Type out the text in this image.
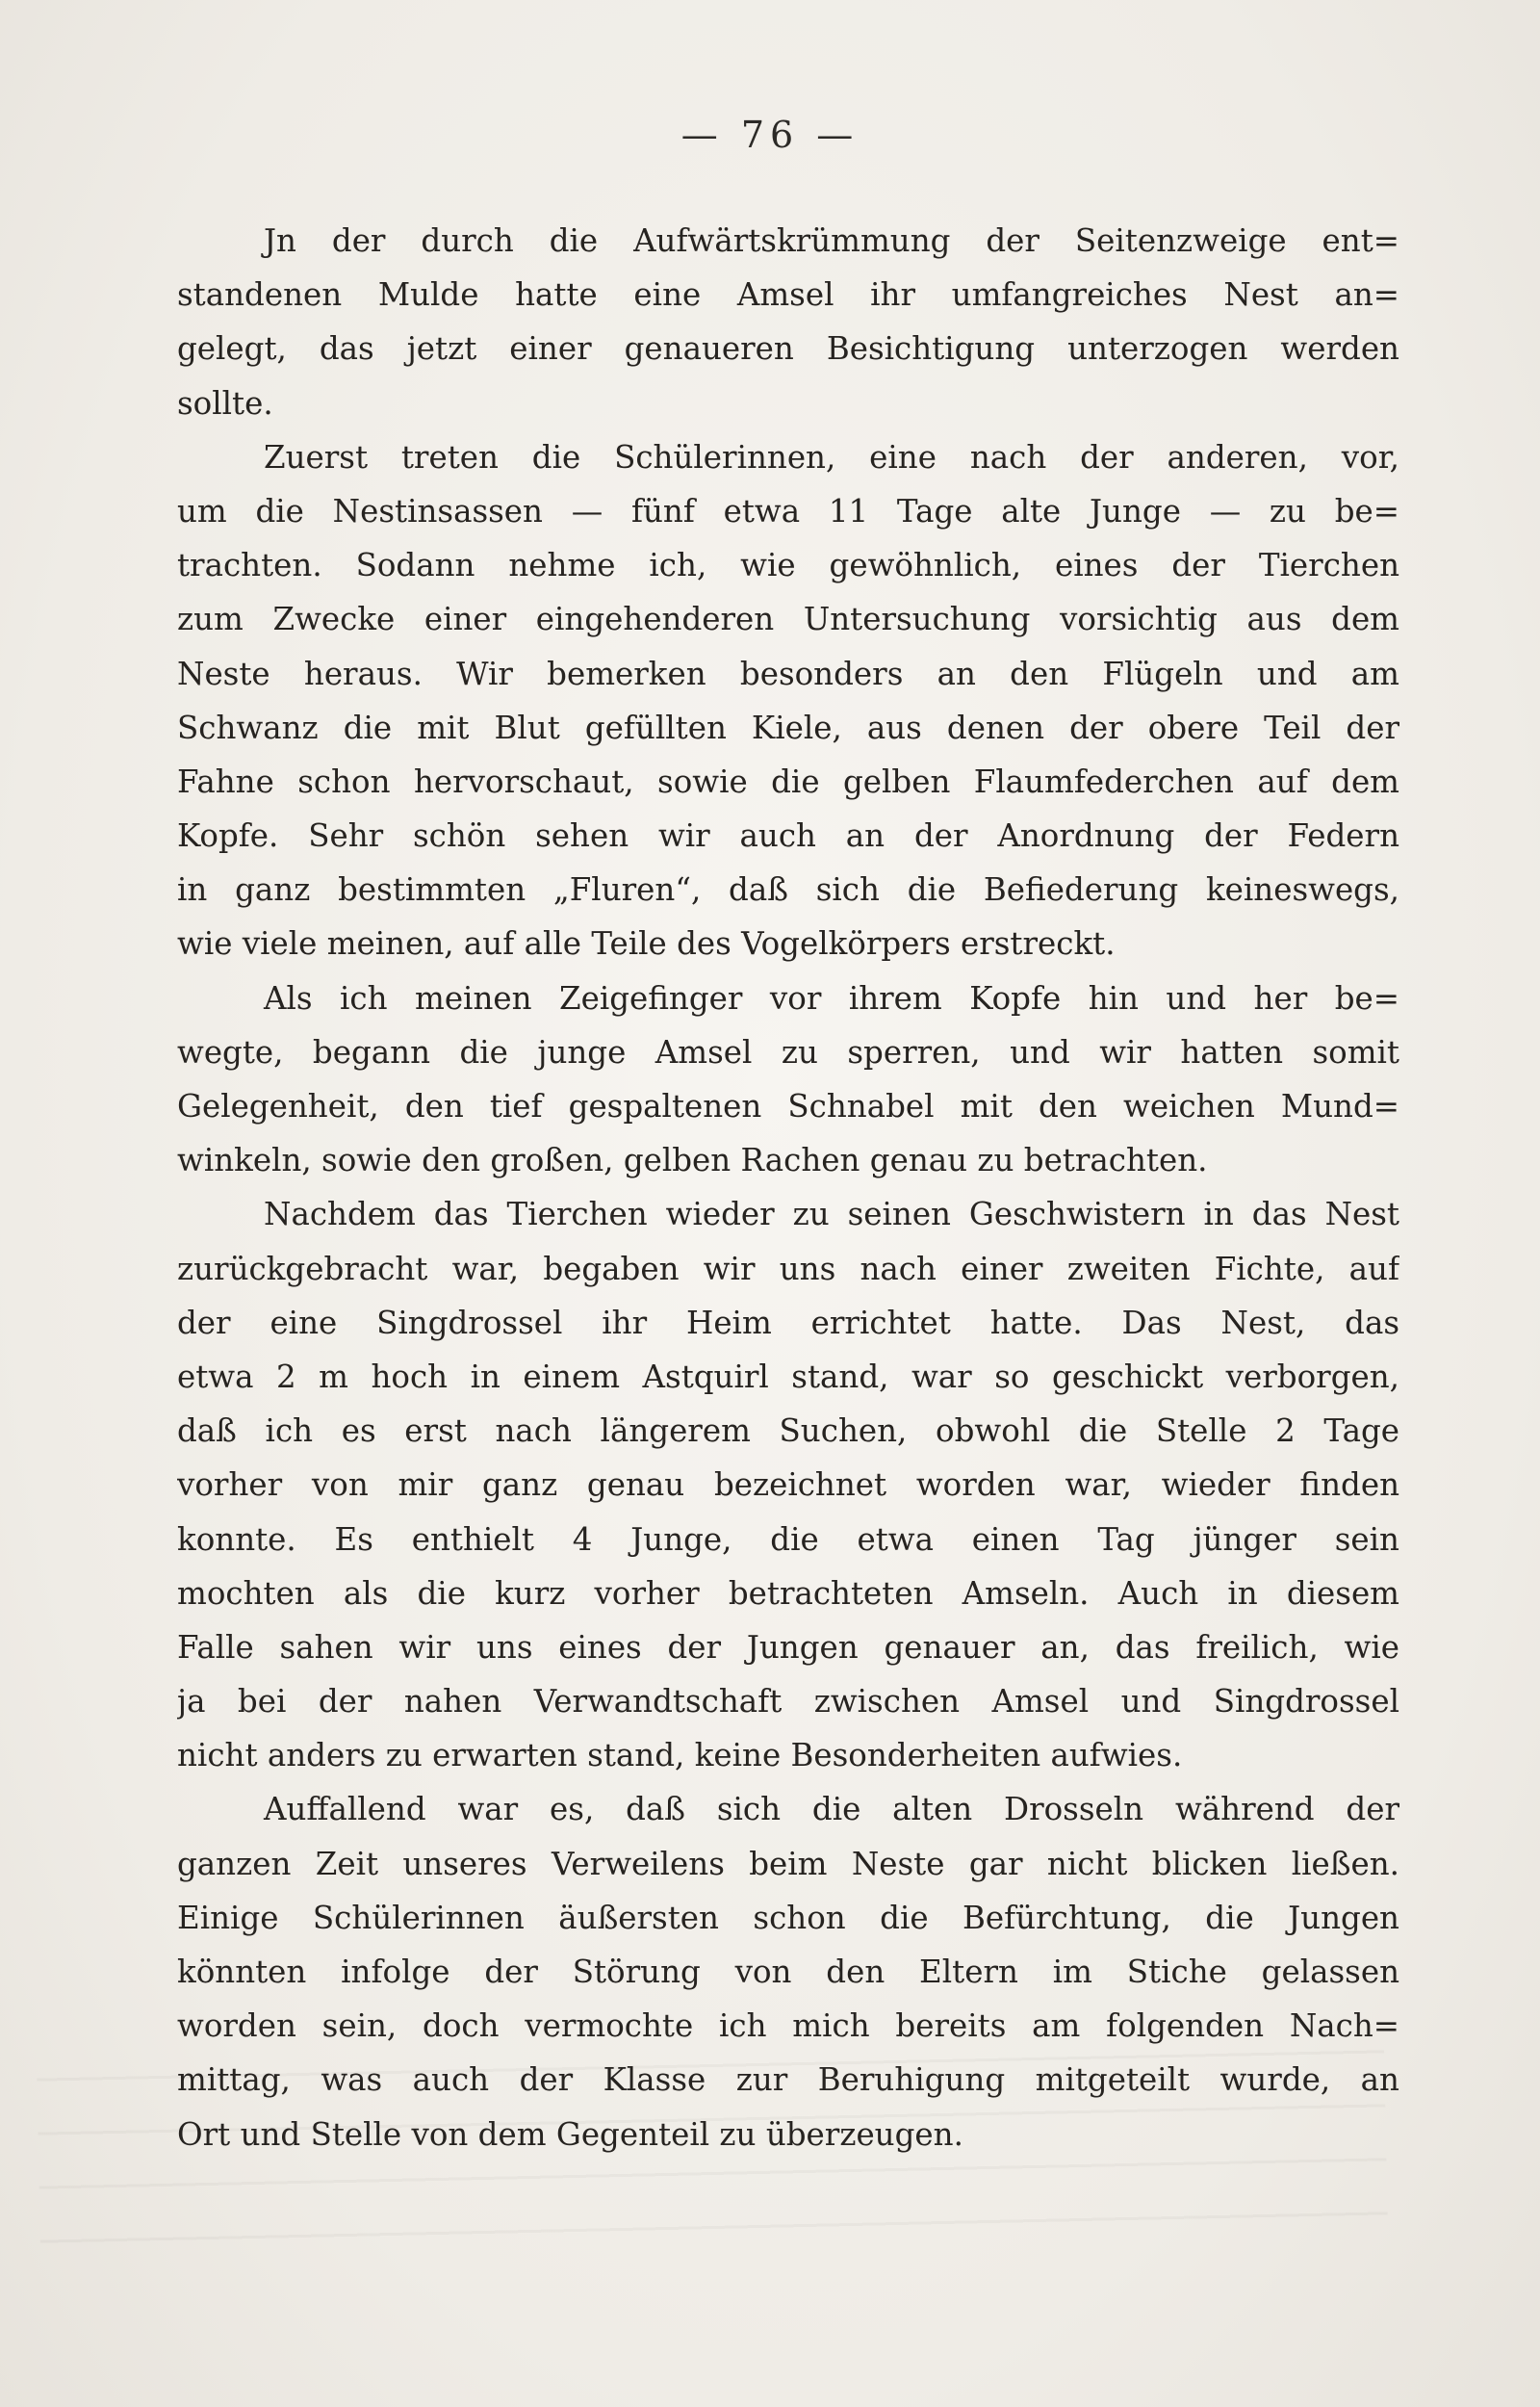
— 76 —
Jn der durch die Aufwärtskrümmung der Seitenzweige ent=
standenen Mulde hatte eine Amsel ihr umfangreiches Nest an=
gelegt, das jetzt einer genaueren Besichtigung unterzogen werden
sollte.
Zuerst treten die Schülerinnen, eine nach der anderen, vor,
um die Nestinsassen — fünf etwa 11 Tage alte Junge — zu be=
trachten. Sodann nehme ich, wie gewöhnlich, eines der Tierchen
zum Zwecke einer eingehenderen Untersuchung vorsichtig aus dem
Neste heraus. Wir bemerken besonders an den Flügeln und am
Schwanz die mit Blut gefüllten Kiele, aus denen der obere Teil der
Fahne schon hervorschaut, sowie die gelben Flaumfederchen auf dem
Kopfe. Sehr schön sehen wir auch an der Anordnung der Federn
in ganz bestimmten „Fluren“, daß sich die Befiederung keineswegs,
wie viele meinen, auf alle Teile des Vogelkörpers erstreckt.
Als ich meinen Zeigefinger vor ihrem Kopfe hin und her be=
wegte, begann die junge Amsel zu sperren, und wir hatten somit
Gelegenheit, den tief gespaltenen Schnabel mit den weichen Mund=
winkeln, sowie den großen, gelben Rachen genau zu betrachten.
Nachdem das Tierchen wieder zu seinen Geschwistern in das Nest
zurückgebracht war, begaben wir uns nach einer zweiten Fichte, auf
der eine Singdrossel ihr Heim errichtet hatte. Das Nest, das
etwa 2 m hoch in einem Astquirl stand, war so geschickt verborgen,
daß ich es erst nach längerem Suchen, obwohl die Stelle 2 Tage
vorher von mir ganz genau bezeichnet worden war, wieder finden
konnte. Es enthielt 4 Junge, die etwa einen Tag jünger sein
mochten als die kurz vorher betrachteten Amseln. Auch in diesem
Falle sahen wir uns eines der Jungen genauer an, das freilich, wie
ja bei der nahen Verwandtschaft zwischen Amsel und Singdrossel
nicht anders zu erwarten stand, keine Besonderheiten aufwies.
Auffallend war es, daß sich die alten Drosseln während der
ganzen Zeit unseres Verweilens beim Neste gar nicht blicken ließen.
Einige Schülerinnen äußersten schon die Befürchtung, die Jungen
könnten infolge der Störung von den Eltern im Stiche gelassen
worden sein, doch vermochte ich mich bereits am folgenden Nach=
mittag, was auch der Klasse zur Beruhigung mitgeteilt wurde, an
Ort und Stelle von dem Gegenteil zu überzeugen.
